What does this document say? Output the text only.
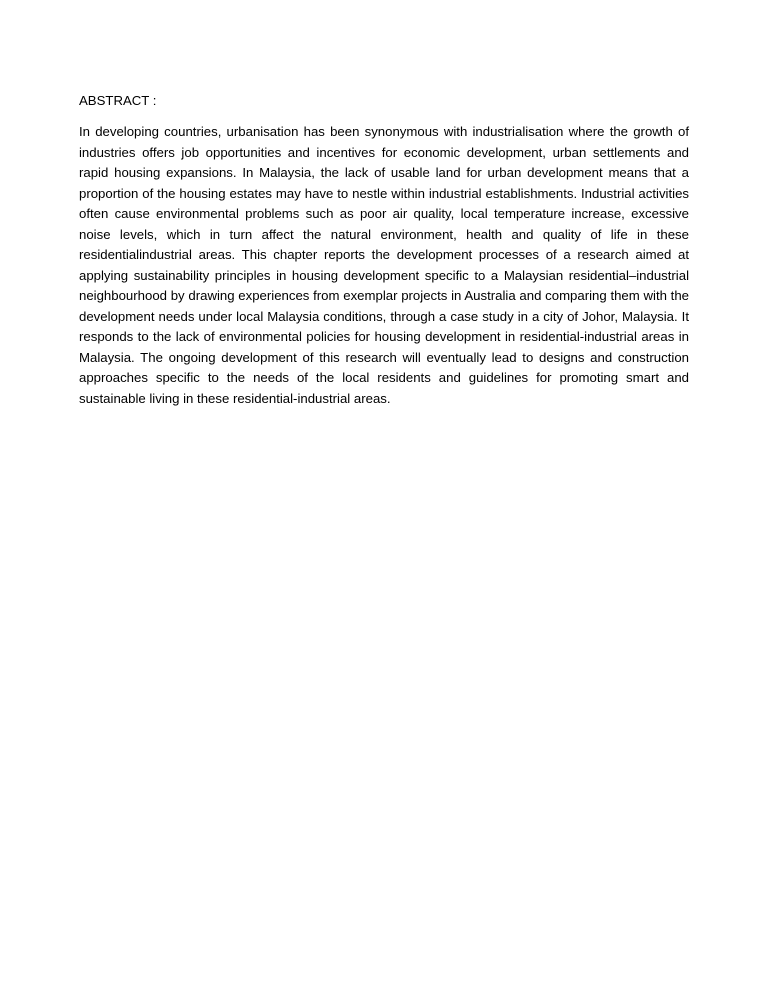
ABSTRACT :

In developing countries, urbanisation has been synonymous with industrialisation where the growth of industries offers job opportunities and incentives for economic development, urban settlements and rapid housing expansions. In Malaysia, the lack of usable land for urban development means that a proportion of the housing estates may have to nestle within industrial establishments. Industrial activities often cause environmental problems such as poor air quality, local temperature increase, excessive noise levels, which in turn affect the natural environment, health and quality of life in these residentialindustrial areas. This chapter reports the development processes of a research aimed at applying sustainability principles in housing development specific to a Malaysian residential–industrial neighbourhood by drawing experiences from exemplar projects in Australia and comparing them with the development needs under local Malaysia conditions, through a case study in a city of Johor, Malaysia. It responds to the lack of environmental policies for housing development in residential-industrial areas in Malaysia. The ongoing development of this research will eventually lead to designs and construction approaches specific to the needs of the local residents and guidelines for promoting smart and sustainable living in these residential-industrial areas.
